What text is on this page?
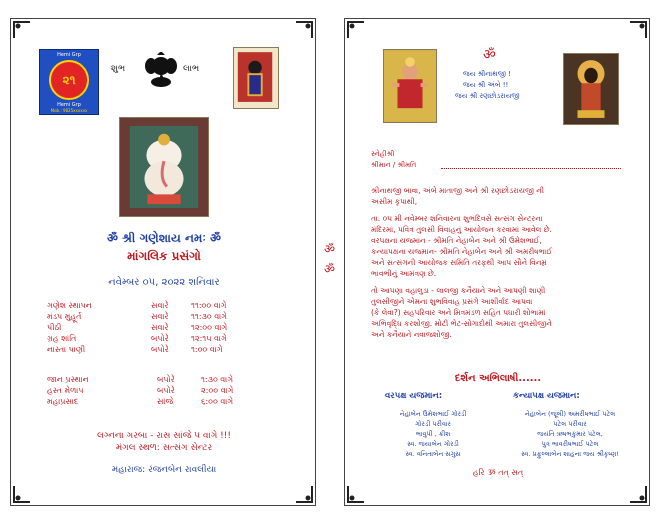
Hemi Grp
૨૧
Hemi Grp
Mob.: 9825xxxxxx
શુભ	લાભ
ॐ શ્રી ગણેશાય નમઃ ॐ
માંગલિક પ્રસંગો
નવેમ્બર ૦૫, ૨૦૨૨ શનિવાર
ગણેશ સ્થાપન	સવારે	૧૧:૦૦ વાગે
મંડપ મુહૂર્ત	સવારે	૧૧:૩૦ વાગે
પીઠી	સવારે	૧૨:૦૦ વાગે
ગ્રહ શાંતિ	બપોરે	૧૨:૧૫ વાગે
નાસ્તા પાણી	બપોરે	૧:૦૦ વાગે
જાન પ્રસ્થાન	બપોરે	૧:૩૦ વાગે
હસ્ત મેળાપ	બપોરે	૨:૦૦ વાગે
મહાપ્રસાદ	સાંજે	૬:૦૦ વાગે
લગ્નના ગરબા - રાસ સાંજે ૫ વાગે !!!
મંગલ સ્થળ: સત્સંગ સેન્ટર
મહારાજ: રંજનબેન રાવલીયા
ॐ
ॐ
ॐ
જય શ્રીનાથજી !
જય શ્રી અંબે !!
જય શ્રી રણછોડરાયજી
સ્નેહીશ્રી
શ્રીમાન / શ્રીમતિ
શ્રીનાથજી બાવા, અંબે માતાજી અને શ્રી રણછોડરાયજી ની
અસીમ કૃપાથી,
તા. ૦૫ મી નવેમ્બર શનિવારના શુભદિવસે સત્સંગ સેન્ટરના
મંદિરમાં, પવિત્ર તુલસી વિવાહનું આયોજન કરવામાં આવેલ છે.
વરપક્ષના યજમાન - શ્રીમતિ નેહાબેન અને શ્રી ઉમેશભાઈ,
કન્યાપક્ષના યજમાન- શ્રીમતિ નેહાબેન અને શ્રી અમરીષભાઈ
અને સત્સંગની આયોજક સમિતિ તરફથી આપ સૌને વિનમ્ર
ભાવભીનું આમંત્રણ છે.
તો આપણા વહાલુડા - લાલજી કનૈયાને અને આપણી શાણી
તુલસીજીને એમના શુભવિવાહ પ્રસંગે આશીર્વાદ આપવા
(કે લેવા?) સહપરિવાર અને મિત્રમંડળ સહિત પધારી શોભામાં
અભિવૃદ્ધિ કરશોજી. મોટી ભેટ-સોગાદોથી અમારા તુલસીજીને
અને કનૈયાને નવાજશોજી.
દર્શન અભિલાષી......
વરપક્ષ યજમાન:	કન્યાપક્ષ યજમાન:
નેહાબેન ઉમેશભાઈ ગોરડી
ગોરડી પરીવાર
ભાવુપી , ક્રીશ
સ્વ. જયાબેન ગોરડી
સ્વ. વનિતાબેન સગુસ
નેહાબેન (જૂલી) અમરીષભાઈ પટેલ
પટેલ પરીવાર
જયંતિ ઋષભકુમાર પટેલ,
પુત્ર ભાવરીષભાઈ પટેલ
સ્વ. પ્રફુલ્લાબેન શાહના જય શ્રીકૃષ્ણ!
હરિ ૐ તત્ સત્
